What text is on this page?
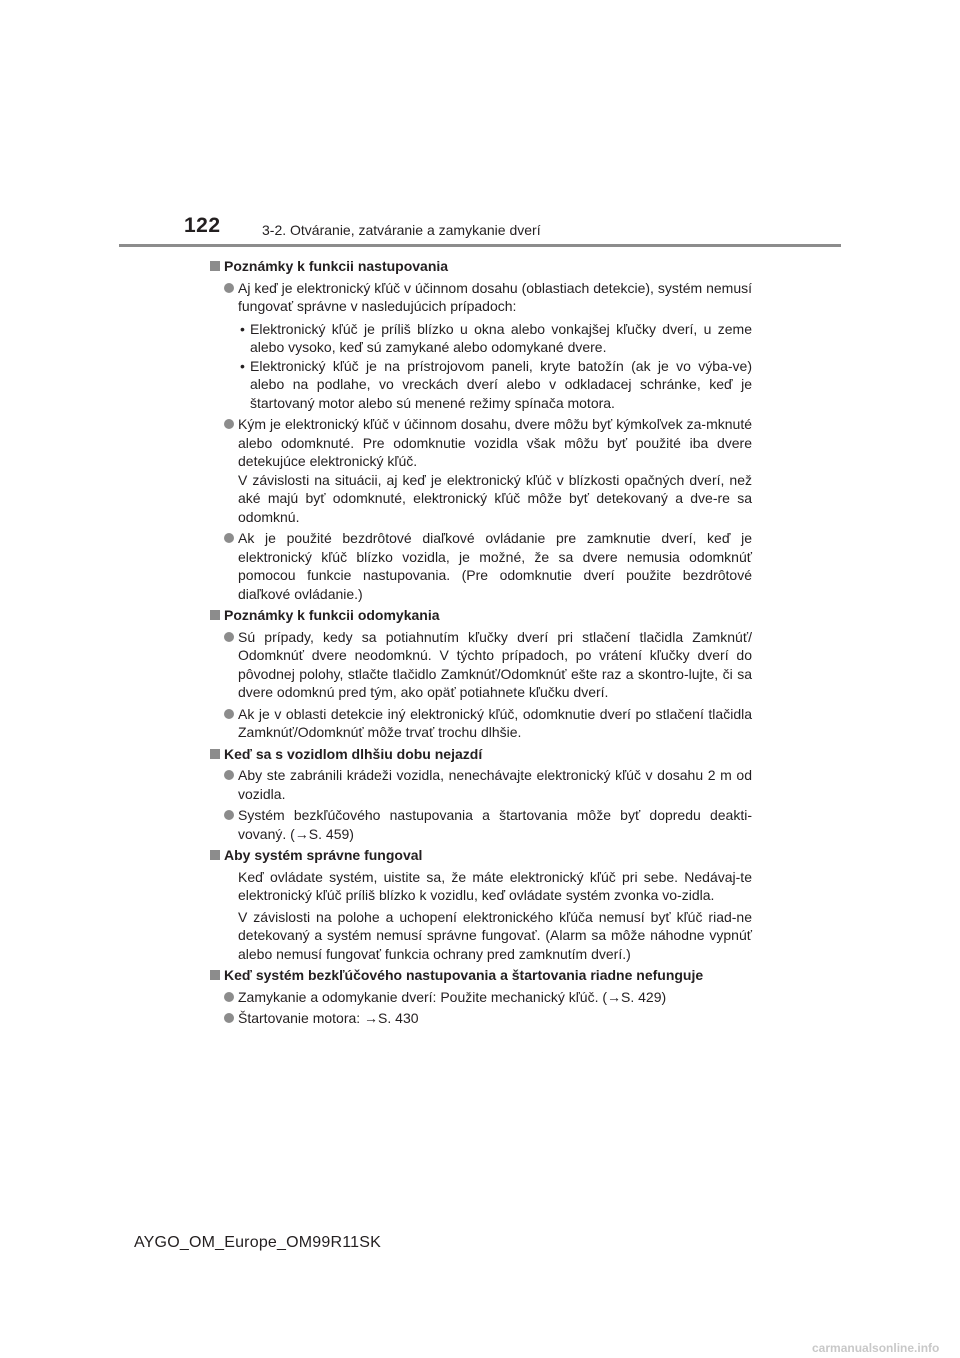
122	3-2. Otváranie, zatváranie a zamykanie dverí
Poznámky k funkcii nastupovania

Aj keď je elektronický kľúč v účinnom dosahu (oblastiach detekcie), systém nemusí fungovať správne v nasledujúcich prípadoch:

• Elektronický kľúč je príliš blízko u okna alebo vonkajšej kľučky dverí, u zeme alebo vysoko, keď sú zamykané alebo odomykané dvere.

• Elektronický kľúč je na prístrojovom paneli, kryte batožín (ak je vo výba-ve) alebo na podlahe, vo vreckách dverí alebo v odkladacej schránke, keď je štartovaný motor alebo sú menené režimy spínača motora.

Kým je elektronický kľúč v účinnom dosahu, dvere môžu byť kýmkoľvek za-mknuté alebo odomknuté. Pre odomknutie vozidla však môžu byť použité iba dvere detekujúce elektronický kľúč.

V závislosti na situácii, aj keď je elektronický kľúč v blízkosti opačných dverí, než aké majú byť odomknuté, elektronický kľúč môže byť detekovaný a dve-re sa odomknú.

Ak je použité bezdrôtové diaľkové ovládanie pre zamknutie dverí, keď je elektronický kľúč blízko vozidla, je možné, že sa dvere nemusia odomknúť pomocou funkcie nastupovania. (Pre odomknutie dverí použite bezdrôtové diaľkové ovládanie.)

Poznámky k funkcii odomykania

Sú prípady, kedy sa potiahnutím kľučky dverí pri stlačení tlačidla Zamknúť/ Odomknúť dvere neodomknú. V týchto prípadoch, po vrátení kľučky dverí do pôvodnej polohy, stlačte tlačidlo Zamknúť/Odomknúť ešte raz a skontro-lujte, či sa dvere odomknú pred tým, ako opäť potiahnete kľučku dverí.

Ak je v oblasti detekcie iný elektronický kľúč, odomknutie dverí po stlačení tlačidla Zamknúť/Odomknúť môže trvať trochu dlhšie.

Keď sa s vozidlom dlhšiu dobu nejazdí

Aby ste zabránili krádeži vozidla, nenechávajte elektronický kľúč v dosahu 2 m od vozidla.

Systém bezkľúčového nastupovania a štartovania môže byť dopredu deakti-vovaný. (→S. 459)

Aby systém správne fungoval

Keď ovládate systém, uistite sa, že máte elektronický kľúč pri sebe. Nedávaj-te elektronický kľúč príliš blízko k vozidlu, keď ovládate systém zvonka vo-zidla.

V závislosti na polohe a uchopení elektronického kľúča nemusí byť kľúč riad-ne detekovaný a systém nemusí správne fungovať. (Alarm sa môže náhodne vypnúť alebo nemusí fungovať funkcia ochrany pred zamknutím dverí.)

Keď systém bezkľúčového nastupovania a štartovania riadne nefunguje

Zamykanie a odomykanie dverí: Použite mechanický kľúč. (→S. 429)

Štartovanie motora: →S. 430

AYGO_OM_Europe_OM99R11SK
carmanualsonline.info
